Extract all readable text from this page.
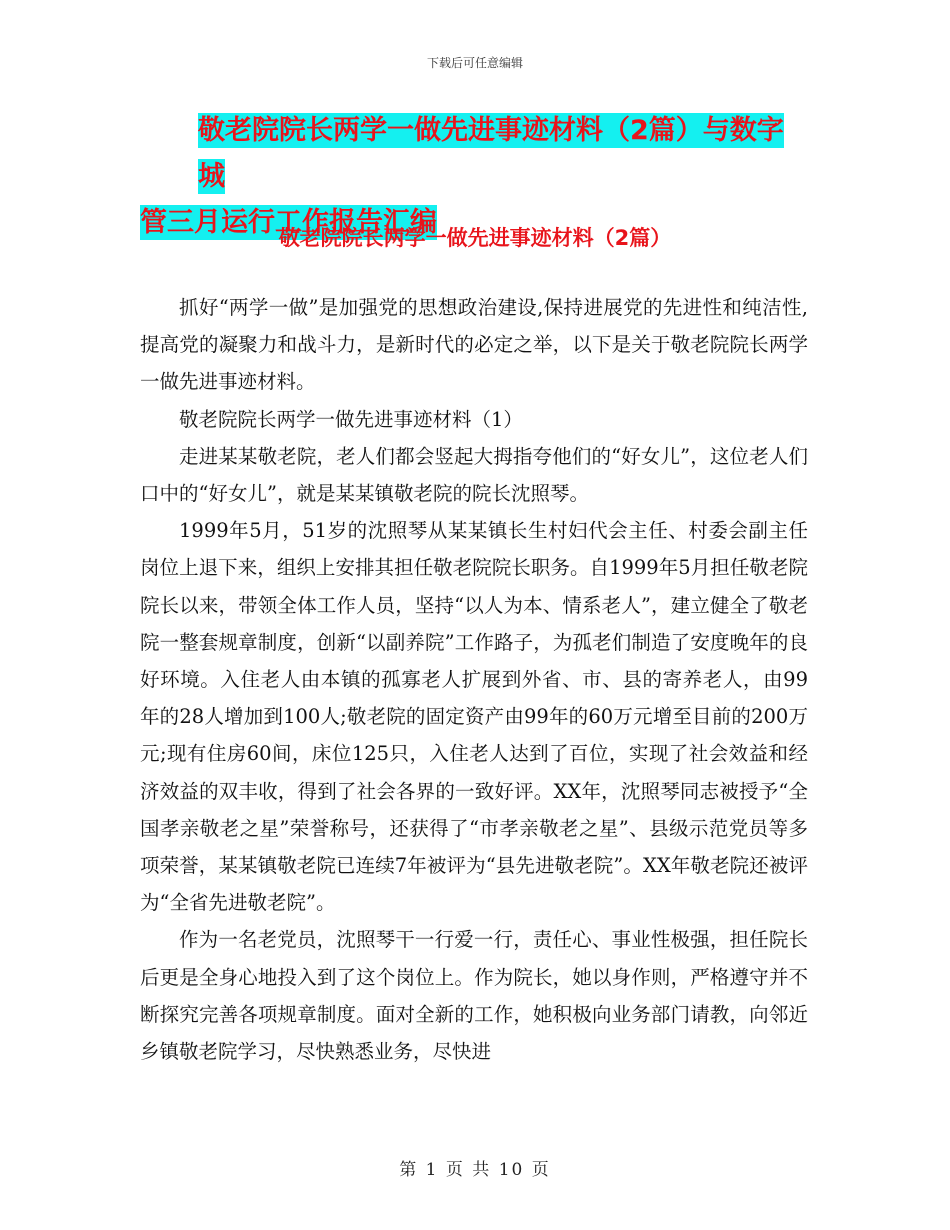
下载后可任意编辑
敬老院院长两学一做先进事迹材料（2篇）与数字城
管三月运行工作报告汇编
敬老院院长两学一做先进事迹材料（2篇）

抓好“两学一做”是加强党的思想政治建设,保持进展党的先进性和纯洁性,提高党的凝聚力和战斗力，是新时代的必定之举，以下是关于敬老院院长两学一做先进事迹材料。

敬老院院长两学一做先进事迹材料（1）

走进某某敬老院，老人们都会竖起大拇指夸他们的“好女儿”，这位老人们口中的“好女儿”，就是某某镇敬老院的院长沈照琴。

1999年5月，51岁的沈照琴从某某镇长生村妇代会主任、村委会副主任岗位上退下来，组织上安排其担任敬老院院长职务。自1999年5月担任敬老院院长以来，带领全体工作人员，坚持“以人为本、情系老人”，建立健全了敬老院一整套规章制度，创新“以副养院”工作路子，为孤老们制造了安度晚年的良好环境。入住老人由本镇的孤寡老人扩展到外省、市、县的寄养老人，由99年的28人增加到100人;敬老院的固定资产由99年的60万元增至目前的200万元;现有住房60间，床位125只，入住老人达到了百位，实现了社会效益和经济效益的双丰收，得到了社会各界的一致好评。XX年，沈照琴同志被授予“全国孝亲敬老之星”荣誉称号，还获得了“市孝亲敬老之星”、县级示范党员等多项荣誉，某某镇敬老院已连续7年被评为“县先进敬老院”。XX年敬老院还被评为“全省先进敬老院”。

作为一名老党员，沈照琴干一行爱一行，责任心、事业性极强，担任院长后更是全身心地投入到了这个岗位上。作为院长，她以身作则，严格遵守并不断探究完善各项规章制度。面对全新的工作，她积极向业务部门请教，向邻近乡镇敬老院学习，尽快熟悉业务，尽快进

第 1 页 共 10 页
